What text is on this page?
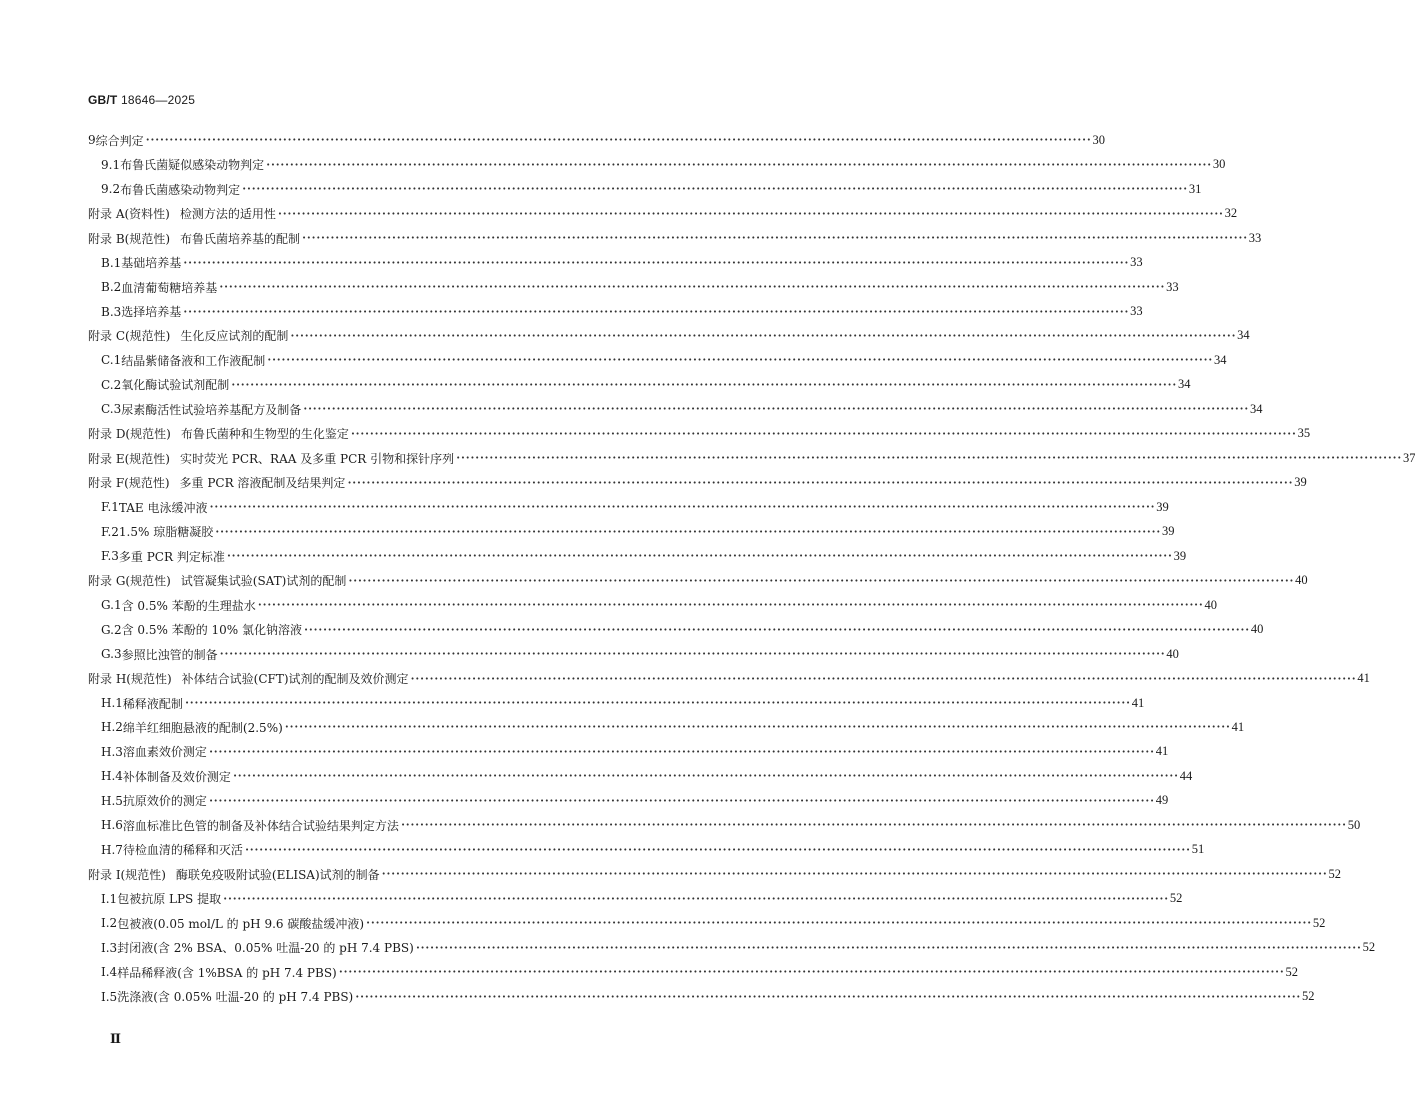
GB/T 18646—2025
9 综合判定 •••••••••••••••••••••••••••••••••••••••••••••••••••••••••••••••••••••••••••••••••••••••••••••••••••••••••••••••••••••••••••••••••••••••••••••••••••••••••••••••••••••••••••••••••••••••••••••••••••••••• 30
9.1 布鲁氏菌疑似感染动物判定 •••••••••••••••••••••••••••••••••••••••••••••••••••••••••••••••••••••••••••••••••••••••••••••••••••••••••••••••••••••••••••••••••••••••••••••••••••••••••••••••••••••••••••••••••••••••••••••••••••••••• 30
9.2 布鲁氏菌感染动物判定 •••••••••••••••••••••••••••••••••••••••••••••••••••••••••••••••••••••••••••••••••••••••••••••••••••••••••••••••••••••••••••••••••••••••••••••••••••••••••••••••••••••••••••••••••••••••••••••••••••••••• 31
附录 A(资料性) 检测方法的适用性 •••••••••••••••••••••••••••••••••••••••••••••••••••••••••••••••••••••••••••••••••••••••••••••••••••••••••••••••••••••••••••••••••••••••••••••••••••••••••••••••••••••••••••••••••••••••••••••••••••••••• 32
附录 B(规范性) 布鲁氏菌培养基的配制 •••••••••••••••••••••••••••••••••••••••••••••••••••••••••••••••••••••••••••••••••••••••••••••••••••••••••••••••••••••••••••••••••••••••••••••••••••••••••••••••••••••••••••••••••••••••••••••••••••••••• 33
B.1 基础培养基 •••••••••••••••••••••••••••••••••••••••••••••••••••••••••••••••••••••••••••••••••••••••••••••••••••••••••••••••••••••••••••••••••••••••••••••••••••••••••••••••••••••••••••••••••••••••••••••••••••••••• 33
B.2 血清葡萄糖培养基 •••••••••••••••••••••••••••••••••••••••••••••••••••••••••••••••••••••••••••••••••••••••••••••••••••••••••••••••••••••••••••••••••••••••••••••••••••••••••••••••••••••••••••••••••••••••••••••••••••••••• 33
B.3 选择培养基 •••••••••••••••••••••••••••••••••••••••••••••••••••••••••••••••••••••••••••••••••••••••••••••••••••••••••••••••••••••••••••••••••••••••••••••••••••••••••••••••••••••••••••••••••••••••••••••••••••••••• 33
附录 C(规范性) 生化反应试剂的配制 •••••••••••••••••••••••••••••••••••••••••••••••••••••••••••••••••••••••••••••••••••••••••••••••••••••••••••••••••••••••••••••••••••••••••••••••••••••••••••••••••••••••••••••••••••••••••••••••••••••••• 34
C.1 结晶紫储备液和工作液配制 •••••••••••••••••••••••••••••••••••••••••••••••••••••••••••••••••••••••••••••••••••••••••••••••••••••••••••••••••••••••••••••••••••••••••••••••••••••••••••••••••••••••••••••••••••••••••••••••••••••••• 34
C.2 氧化酶试验试剂配制 •••••••••••••••••••••••••••••••••••••••••••••••••••••••••••••••••••••••••••••••••••••••••••••••••••••••••••••••••••••••••••••••••••••••••••••••••••••••••••••••••••••••••••••••••••••••••••••••••••••••• 34
C.3 尿素酶活性试验培养基配方及制备 •••••••••••••••••••••••••••••••••••••••••••••••••••••••••••••••••••••••••••••••••••••••••••••••••••••••••••••••••••••••••••••••••••••••••••••••••••••••••••••••••••••••••••••••••••••••••••••••••••••••• 34
附录 D(规范性) 布鲁氏菌种和生物型的生化鉴定 •••••••••••••••••••••••••••••••••••••••••••••••••••••••••••••••••••••••••••••••••••••••••••••••••••••••••••••••••••••••••••••••••••••••••••••••••••••••••••••••••••••••••••••••••••••••••••••••••••••••• 35
附录 E(规范性) 实时荧光 PCR、RAA 及多重 PCR 引物和探针序列 •••••••••••••••••••••••••••••••••••••••••••••••••••••••••••••••••••••••••••••••••••••••••••••••••••••••••••••••••••••••••••••••••••••••••••••••••••••••••••••••••••••••••••••••••••••••••••••••••••••••• 37
附录 F(规范性) 多重 PCR 溶液配制及结果判定 •••••••••••••••••••••••••••••••••••••••••••••••••••••••••••••••••••••••••••••••••••••••••••••••••••••••••••••••••••••••••••••••••••••••••••••••••••••••••••••••••••••••••••••••••••••••••••••••••••••••• 39
F.1 TAE 电泳缓冲液 •••••••••••••••••••••••••••••••••••••••••••••••••••••••••••••••••••••••••••••••••••••••••••••••••••••••••••••••••••••••••••••••••••••••••••••••••••••••••••••••••••••••••••••••••••••••••••••••••••••••• 39
F.2 1.5% 琼脂糖凝胶 •••••••••••••••••••••••••••••••••••••••••••••••••••••••••••••••••••••••••••••••••••••••••••••••••••••••••••••••••••••••••••••••••••••••••••••••••••••••••••••••••••••••••••••••••••••••••••••••••••••••• 39
F.3 多重 PCR 判定标准 •••••••••••••••••••••••••••••••••••••••••••••••••••••••••••••••••••••••••••••••••••••••••••••••••••••••••••••••••••••••••••••••••••••••••••••••••••••••••••••••••••••••••••••••••••••••••••••••••••••••• 39
附录 G(规范性) 试管凝集试验(SAT)试剂的配制 •••••••••••••••••••••••••••••••••••••••••••••••••••••••••••••••••••••••••••••••••••••••••••••••••••••••••••••••••••••••••••••••••••••••••••••••••••••••••••••••••••••••••••••••••••••••••••••••••••••••• 40
G.1 含 0.5% 苯酚的生理盐水 •••••••••••••••••••••••••••••••••••••••••••••••••••••••••••••••••••••••••••••••••••••••••••••••••••••••••••••••••••••••••••••••••••••••••••••••••••••••••••••••••••••••••••••••••••••••••••••••••••••••• 40
G.2 含 0.5% 苯酚的 10% 氯化钠溶液 •••••••••••••••••••••••••••••••••••••••••••••••••••••••••••••••••••••••••••••••••••••••••••••••••••••••••••••••••••••••••••••••••••••••••••••••••••••••••••••••••••••••••••••••••••••••••••••••••••••••• 40
G.3 参照比浊管的制备 •••••••••••••••••••••••••••••••••••••••••••••••••••••••••••••••••••••••••••••••••••••••••••••••••••••••••••••••••••••••••••••••••••••••••••••••••••••••••••••••••••••••••••••••••••••••••••••••••••••••• 40
附录 H(规范性) 补体结合试验(CFT)试剂的配制及效价测定 •••••••••••••••••••••••••••••••••••••••••••••••••••••••••••••••••••••••••••••••••••••••••••••••••••••••••••••••••••••••••••••••••••••••••••••••••••••••••••••••••••••••••••••••••••••••••••••••••••••••• 41
H.1 稀释液配制 •••••••••••••••••••••••••••••••••••••••••••••••••••••••••••••••••••••••••••••••••••••••••••••••••••••••••••••••••••••••••••••••••••••••••••••••••••••••••••••••••••••••••••••••••••••••••••••••••••••••• 41
H.2 绵羊红细胞悬液的配制(2.5%) •••••••••••••••••••••••••••••••••••••••••••••••••••••••••••••••••••••••••••••••••••••••••••••••••••••••••••••••••••••••••••••••••••••••••••••••••••••••••••••••••••••••••••••••••••••••••••••••••••••••• 41
H.3 溶血素效价测定 •••••••••••••••••••••••••••••••••••••••••••••••••••••••••••••••••••••••••••••••••••••••••••••••••••••••••••••••••••••••••••••••••••••••••••••••••••••••••••••••••••••••••••••••••••••••••••••••••••••••• 41
H.4 补体制备及效价测定 •••••••••••••••••••••••••••••••••••••••••••••••••••••••••••••••••••••••••••••••••••••••••••••••••••••••••••••••••••••••••••••••••••••••••••••••••••••••••••••••••••••••••••••••••••••••••••••••••••••••• 44
H.5 抗原效价的测定 •••••••••••••••••••••••••••••••••••••••••••••••••••••••••••••••••••••••••••••••••••••••••••••••••••••••••••••••••••••••••••••••••••••••••••••••••••••••••••••••••••••••••••••••••••••••••••••••••••••••• 49
H.6 溶血标准比色管的制备及补体结合试验结果判定方法 •••••••••••••••••••••••••••••••••••••••••••••••••••••••••••••••••••••••••••••••••••••••••••••••••••••••••••••••••••••••••••••••••••••••••••••••••••••••••••••••••••••••••••••••••••••••••••••••••••••••• 50
H.7 待检血清的稀释和灭活 •••••••••••••••••••••••••••••••••••••••••••••••••••••••••••••••••••••••••••••••••••••••••••••••••••••••••••••••••••••••••••••••••••••••••••••••••••••••••••••••••••••••••••••••••••••••••••••••••••••••• 51
附录 I(规范性) 酶联免疫吸附试验(ELISA)试剂的制备 •••••••••••••••••••••••••••••••••••••••••••••••••••••••••••••••••••••••••••••••••••••••••••••••••••••••••••••••••••••••••••••••••••••••••••••••••••••••••••••••••••••••••••••••••••••••••••••••••••••••• 52
I.1 包被抗原 LPS 提取 •••••••••••••••••••••••••••••••••••••••••••••••••••••••••••••••••••••••••••••••••••••••••••••••••••••••••••••••••••••••••••••••••••••••••••••••••••••••••••••••••••••••••••••••••••••••••••••••••••••••• 52
I.2 包被液(0.05 mol/L 的 pH 9.6 碳酸盐缓冲液) •••••••••••••••••••••••••••••••••••••••••••••••••••••••••••••••••••••••••••••••••••••••••••••••••••••••••••••••••••••••••••••••••••••••••••••••••••••••••••••••••••••••••••••••••••••••••••••••••••••••• 52
I.3 封闭液(含 2% BSA、0.05% 吐温-20 的 pH 7.4 PBS) •••••••••••••••••••••••••••••••••••••••••••••••••••••••••••••••••••••••••••••••••••••••••••••••••••••••••••••••••••••••••••••••••••••••••••••••••••••••••••••••••••••••••••••••••••••••••••••••••••••••• 52
I.4 样品稀释液(含 1%BSA 的 pH 7.4 PBS) •••••••••••••••••••••••••••••••••••••••••••••••••••••••••••••••••••••••••••••••••••••••••••••••••••••••••••••••••••••••••••••••••••••••••••••••••••••••••••••••••••••••••••••••••••••••••••••••••••••••• 52
I.5 洗涤液(含 0.05% 吐温-20 的 pH 7.4 PBS) •••••••••••••••••••••••••••••••••••••••••••••••••••••••••••••••••••••••••••••••••••••••••••••••••••••••••••••••••••••••••••••••••••••••••••••••••••••••••••••••••••••••••••••••••••••••••••••••••••••••• 52
Ⅱ
